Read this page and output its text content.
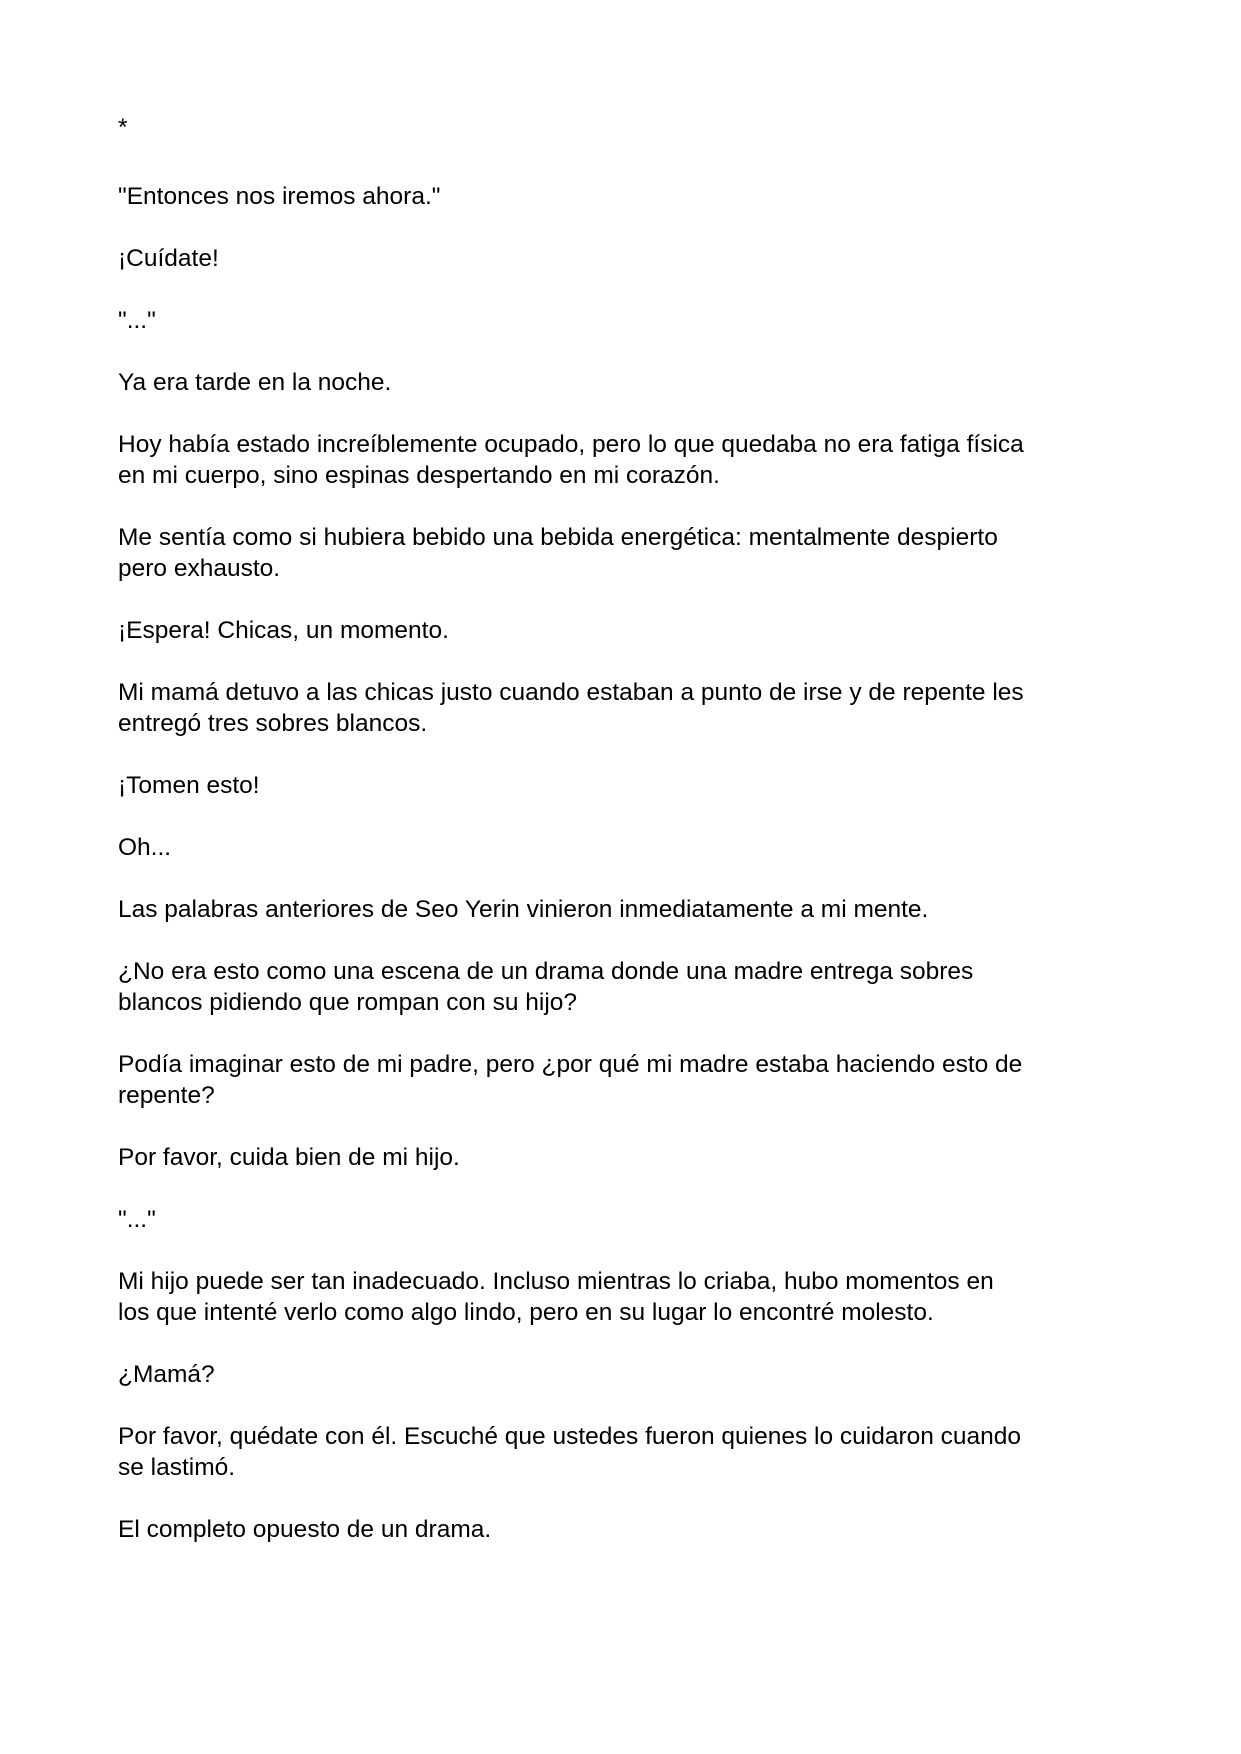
*

"Entonces nos iremos ahora."

¡Cuídate!

"..."

Ya era tarde en la noche.

Hoy había estado increíblemente ocupado, pero lo que quedaba no era fatiga física
en mi cuerpo, sino espinas despertando en mi corazón.

Me sentía como si hubiera bebido una bebida energética: mentalmente despierto
pero exhausto.

¡Espera! Chicas, un momento.

Mi mamá detuvo a las chicas justo cuando estaban a punto de irse y de repente les
entregó tres sobres blancos.

¡Tomen esto!

Oh...

Las palabras anteriores de Seo Yerin vinieron inmediatamente a mi mente.

¿No era esto como una escena de un drama donde una madre entrega sobres
blancos pidiendo que rompan con su hijo?

Podía imaginar esto de mi padre, pero ¿por qué mi madre estaba haciendo esto de
repente?

Por favor, cuida bien de mi hijo.

"..."

Mi hijo puede ser tan inadecuado. Incluso mientras lo criaba, hubo momentos en
los que intenté verlo como algo lindo, pero en su lugar lo encontré molesto.

¿Mamá?

Por favor, quédate con él. Escuché que ustedes fueron quienes lo cuidaron cuando
se lastimó.

El completo opuesto de un drama.
